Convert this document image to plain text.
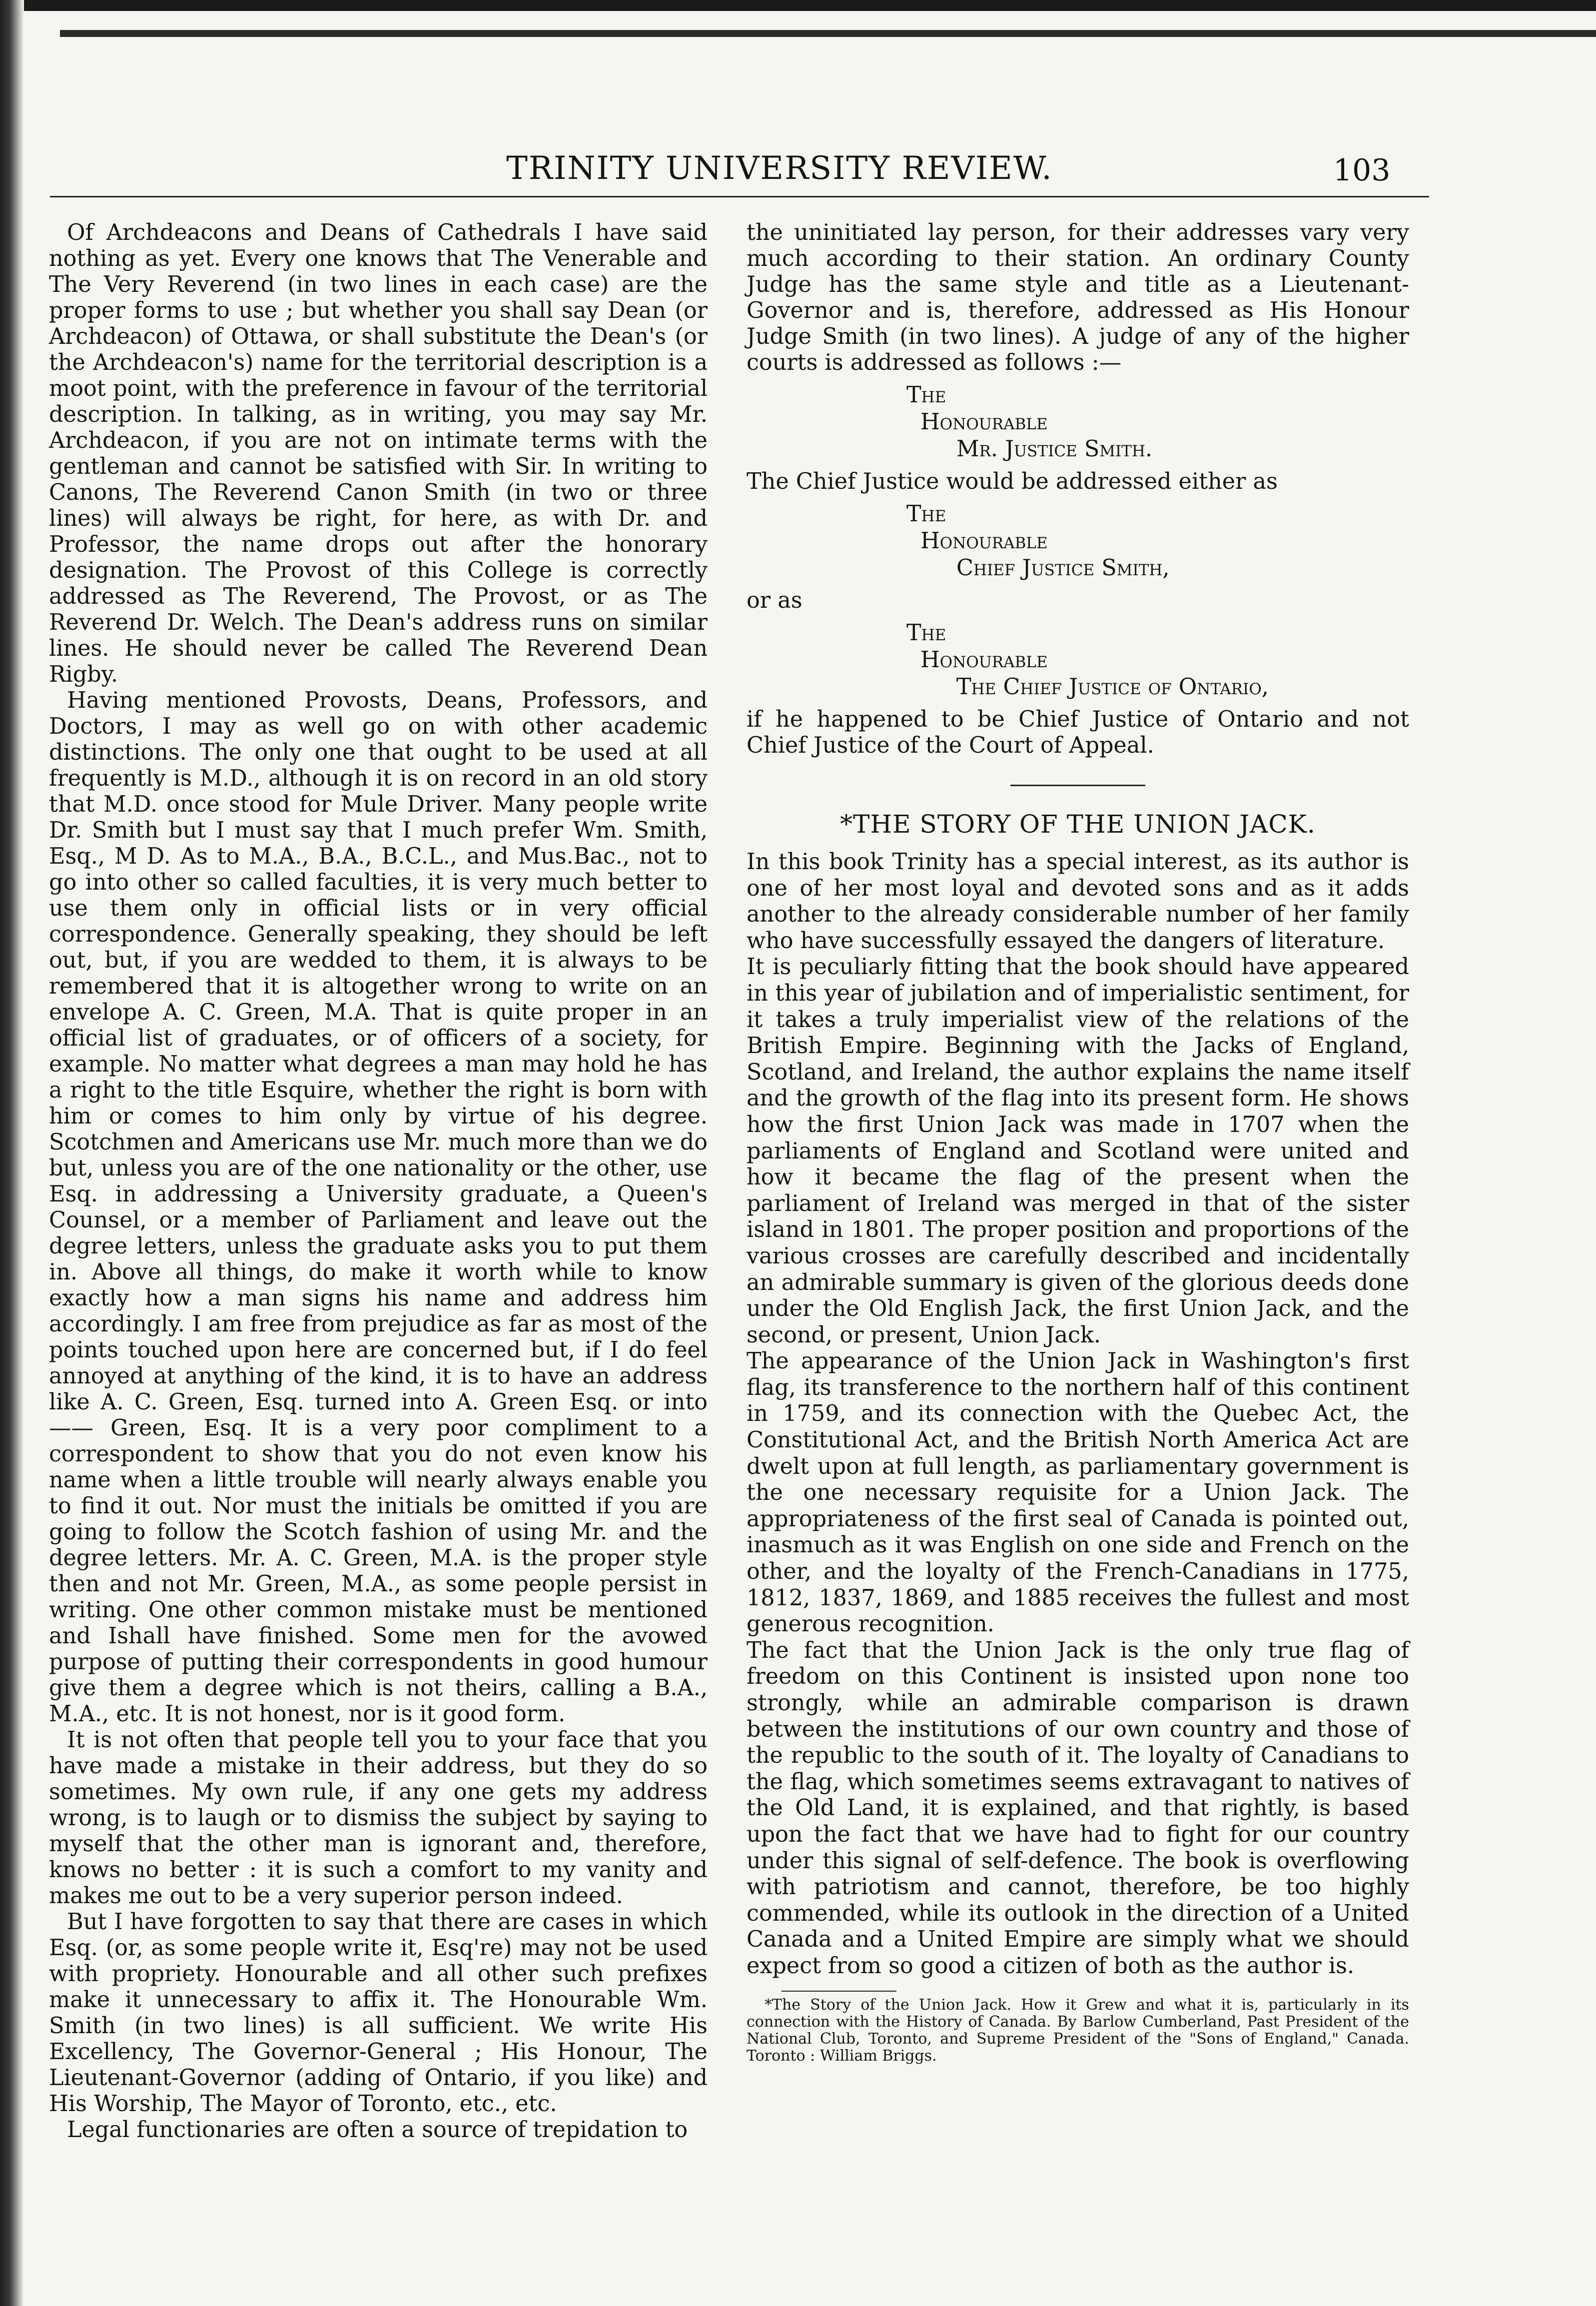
TRINITY UNIVERSITY REVIEW.	103

Of Archdeacons and Deans of Cathedrals I have said nothing as yet. Every one knows that The Venerable and The Very Reverend (in two lines in each case) are the proper forms to use ; but whether you shall say Dean (or Archdeacon) of Ottawa, or shall substitute the Dean's (or the Archdeacon's) name for the territorial description is a moot point, with the preference in favour of the territorial description. In talking, as in writing, you may say Mr. Archdeacon, if you are not on intimate terms with the gentleman and cannot be satisfied with Sir. In writing to Canons, The Reverend Canon Smith (in two or three lines) will always be right, for here, as with Dr. and Professor, the name drops out after the honorary designation. The Provost of this College is correctly addressed as The Reverend, The Provost, or as The Reverend Dr. Welch. The Dean's address runs on similar lines. He should never be called The Reverend Dean Rigby.

Having mentioned Provosts, Deans, Professors, and Doctors, I may as well go on with other academic distinctions. The only one that ought to be used at all frequently is M.D., although it is on record in an old story that M.D. once stood for Mule Driver. Many people write Dr. Smith but I must say that I much prefer Wm. Smith, Esq., M D. As to M.A., B.A., B.C.L., and Mus.Bac., not to go into other so called faculties, it is very much better to use them only in official lists or in very official correspondence. Generally speaking, they should be left out, but, if you are wedded to them, it is always to be remembered that it is altogether wrong to write on an envelope A. C. Green, M.A. That is quite proper in an official list of graduates, or of officers of a society, for example. No matter what degrees a man may hold he has a right to the title Esquire, whether the right is born with him or comes to him only by virtue of his degree. Scotchmen and Americans use Mr. much more than we do but, unless you are of the one nationality or the other, use Esq. in addressing a University graduate, a Queen's Counsel, or a member of Parliament and leave out the degree letters, unless the graduate asks you to put them in. Above all things, do make it worth while to know exactly how a man signs his name and address him accordingly. I am free from prejudice as far as most of the points touched upon here are concerned but, if I do feel annoyed at anything of the kind, it is to have an address like A. C. Green, Esq. turned into A. Green Esq. or into —— Green, Esq. It is a very poor compliment to a correspondent to show that you do not even know his name when a little trouble will nearly always enable you to find it out. Nor must the initials be omitted if you are going to follow the Scotch fashion of using Mr. and the degree letters. Mr. A. C. Green, M.A. is the proper style then and not Mr. Green, M.A., as some people persist in writing. One other common mistake must be mentioned and Ishall have finished. Some men for the avowed purpose of putting their correspondents in good humour give them a degree which is not theirs, calling a B.A., M.A., etc. It is not honest, nor is it good form.

It is not often that people tell you to your face that you have made a mistake in their address, but they do so sometimes. My own rule, if any one gets my address wrong, is to laugh or to dismiss the subject by saying to myself that the other man is ignorant and, therefore, knows no better : it is such a comfort to my vanity and makes me out to be a very superior person indeed.

But I have forgotten to say that there are cases in which Esq. (or, as some people write it, Esq're) may not be used with propriety. Honourable and all other such prefixes make it unnecessary to affix it. The Honourable Wm. Smith (in two lines) is all sufficient. We write His Excellency, The Governor-General ; His Honour, The Lieutenant-Governor (adding of Ontario, if you like) and His Worship, The Mayor of Toronto, etc., etc.

Legal functionaries are often a source of trepidation to

the uninitiated lay person, for their addresses vary very much according to their station. An ordinary County Judge has the same style and title as a Lieutenant-Governor and is, therefore, addressed as His Honour Judge Smith (in two lines). A judge of any of the higher courts is addressed as follows :—

The
Honourable
Mr. Justice Smith.

The Chief Justice would be addressed either as

The
Honourable
Chief Justice Smith,
or as
The
Honourable
The Chief Justice of Ontario,

if he happened to be Chief Justice of Ontario and not Chief Justice of the Court of Appeal.

*THE STORY OF THE UNION JACK.

In this book Trinity has a special interest, as its author is one of her most loyal and devoted sons and as it adds another to the already considerable number of her family who have successfully essayed the dangers of literature.

It is peculiarly fitting that the book should have appeared in this year of jubilation and of imperialistic sentiment, for it takes a truly imperialist view of the relations of the British Empire. Beginning with the Jacks of England, Scotland, and Ireland, the author explains the name itself and the growth of the flag into its present form. He shows how the first Union Jack was made in 1707 when the parliaments of England and Scotland were united and how it became the flag of the present when the parliament of Ireland was merged in that of the sister island in 1801. The proper position and proportions of the various crosses are carefully described and incidentally an admirable summary is given of the glorious deeds done under the Old English Jack, the first Union Jack, and the second, or present, Union Jack.

The appearance of the Union Jack in Washington's first flag, its transference to the northern half of this continent in 1759, and its connection with the Quebec Act, the Constitutional Act, and the British North America Act are dwelt upon at full length, as parliamentary government is the one necessary requisite for a Union Jack. The appropriateness of the first seal of Canada is pointed out, inasmuch as it was English on one side and French on the other, and the loyalty of the French-Canadians in 1775, 1812, 1837, 1869, and 1885 receives the fullest and most generous recognition.

The fact that the Union Jack is the only true flag of freedom on this Continent is insisted upon none too strongly, while an admirable comparison is drawn between the institutions of our own country and those of the republic to the south of it. The loyalty of Canadians to the flag, which sometimes seems extravagant to natives of the Old Land, it is explained, and that rightly, is based upon the fact that we have had to fight for our country under this signal of self-defence. The book is overflowing with patriotism and cannot, therefore, be too highly commended, while its outlook in the direction of a United Canada and a United Empire are simply what we should expect from so good a citizen of both as the author is.

*The Story of the Union Jack. How it Grew and what it is, particularly in its connection with the History of Canada. By Barlow Cumberland, Past President of the National Club, Toronto, and Supreme President of the "Sons of England," Canada. Toronto : William Briggs.
